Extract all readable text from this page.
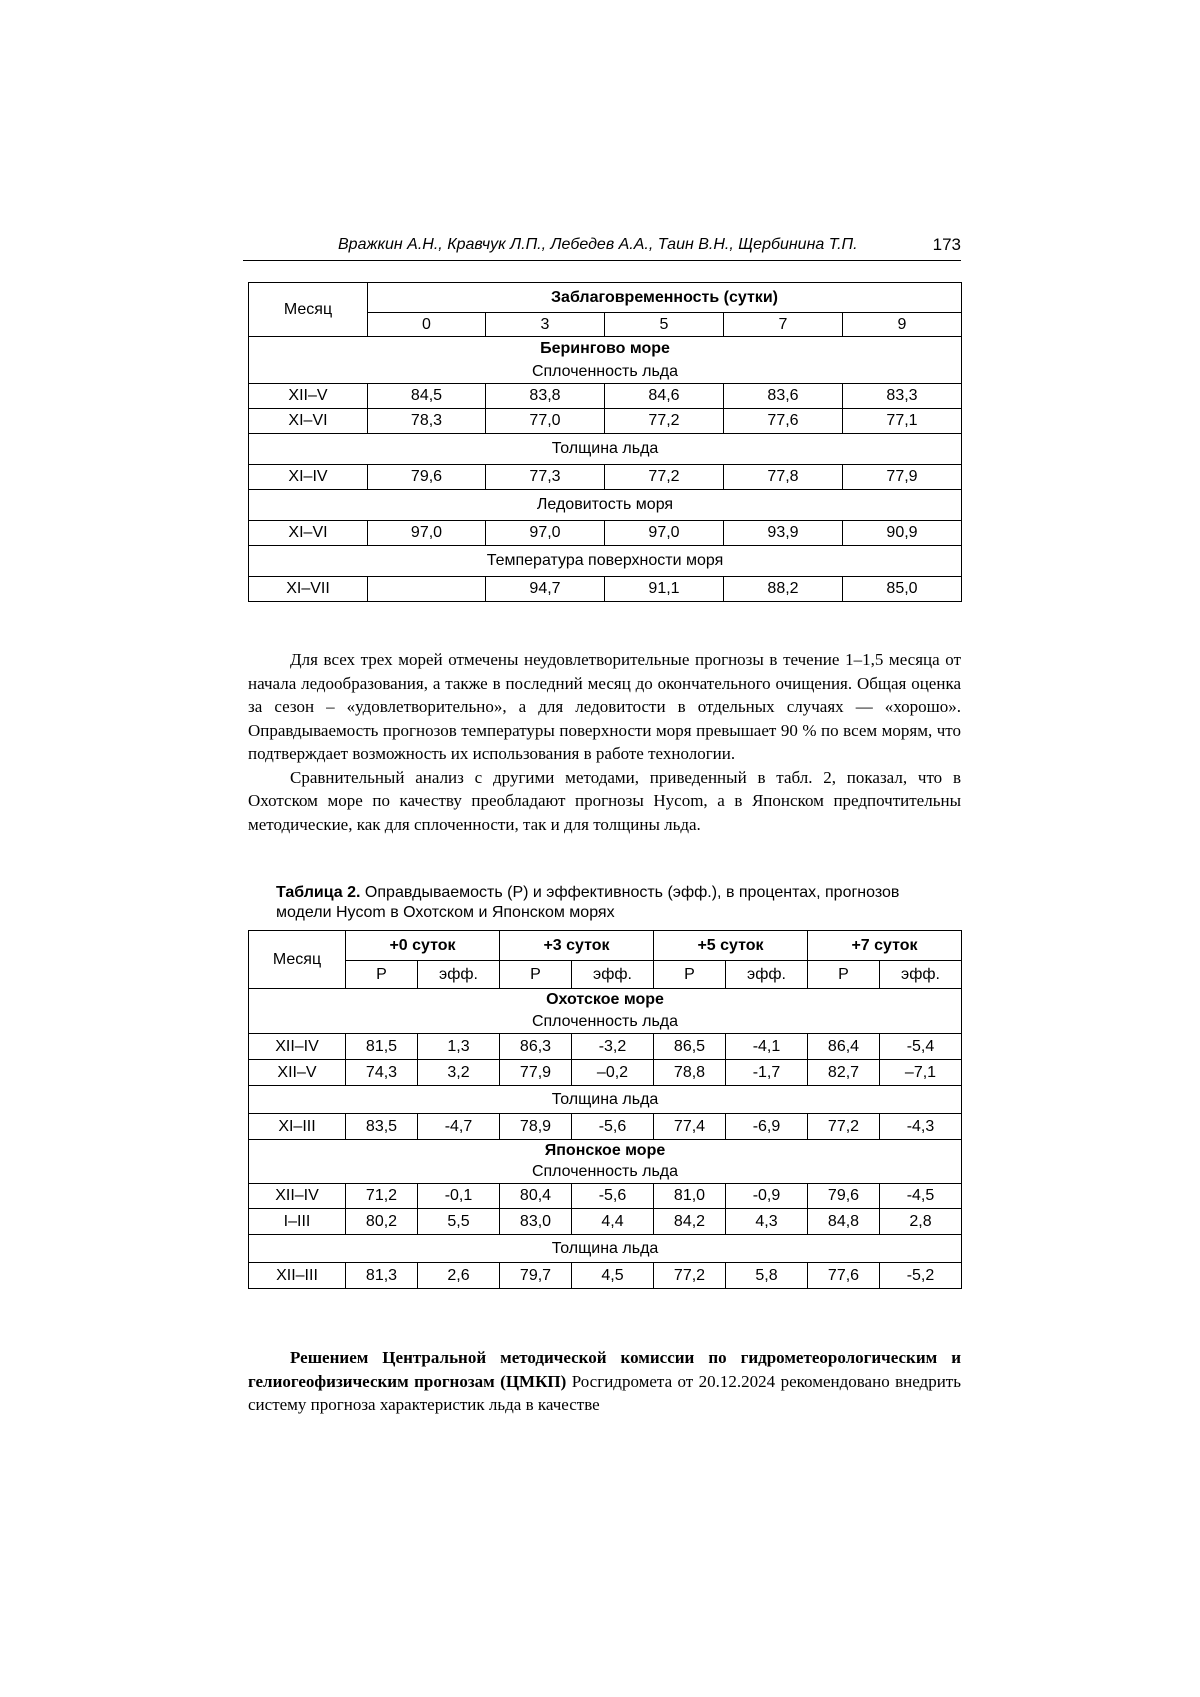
Вражкин А.Н., Кравчук Л.П., Лебедев А.А., Таин В.Н., Щербинина Т.П.	173
Месяц	Заблаговременность (сутки)				
	0	3	5	7	9
Берингово море					
Сплоченность льда					
XII–V	84,5	83,8	84,6	83,6	83,3
XI–VI	78,3	77,0	77,2	77,6	77,1
Толщина льда					
XI–IV	79,6	77,3	77,2	77,8	77,9
Ледовитость моря					
XI–VI	97,0	97,0	97,0	93,9	90,9
Температура поверхности моря					
XI–VII		94,7	91,1	88,2	85,0

Для всех трех морей отмечены неудовлетворительные прогнозы в течение 1–1,5 месяца от начала ледообразования, а также в последний месяц до окончательного очищения. Общая оценка за сезон – «удовлетворительно», а для ледовитости в отдельных случаях — «хорошо». Оправдываемость прогнозов температуры поверхности моря превышает 90 % по всем морям, что подтверждает возможность их использования в работе технологии.

Сравнительный анализ с другими методами, приведенный в табл. 2, показал, что в Охотском море по качеству преобладают прогнозы Hycom, а в Японском предпочтительны методические, как для сплоченности, так и для толщины льда.

Таблица 2. Оправдываемость (Р) и эффективность (эфф.), в процентах, прогнозов модели Hycom в Охотском и Японском морях
Месяц	+0 суток		+3 суток		+5 суток		+7 суток	
	Р	эфф.	Р	эфф.	Р	эфф.	Р	эфф.
Охотское море								
Сплоченность льда								
XII–IV	81,5	1,3	86,3	-3,2	86,5	-4,1	86,4	-5,4
XII–V	74,3	3,2	77,9	–0,2	78,8	-1,7	82,7	–7,1
Толщина льда								
XI–III	83,5	-4,7	78,9	-5,6	77,4	-6,9	77,2	-4,3
Японское море								
Сплоченность льда								
XII–IV	71,2	-0,1	80,4	-5,6	81,0	-0,9	79,6	-4,5
I–III	80,2	5,5	83,0	4,4	84,2	4,3	84,8	2,8
Толщина льда								
XII–III	81,3	2,6	79,7	4,5	77,2	5,8	77,6	-5,2

Решением Центральной методической комиссии по гидрометеорологическим и гелиогеофизическим прогнозам (ЦМКП) Росгидромета от 20.12.2024 рекомендовано внедрить систему прогноза характеристик льда в качестве
